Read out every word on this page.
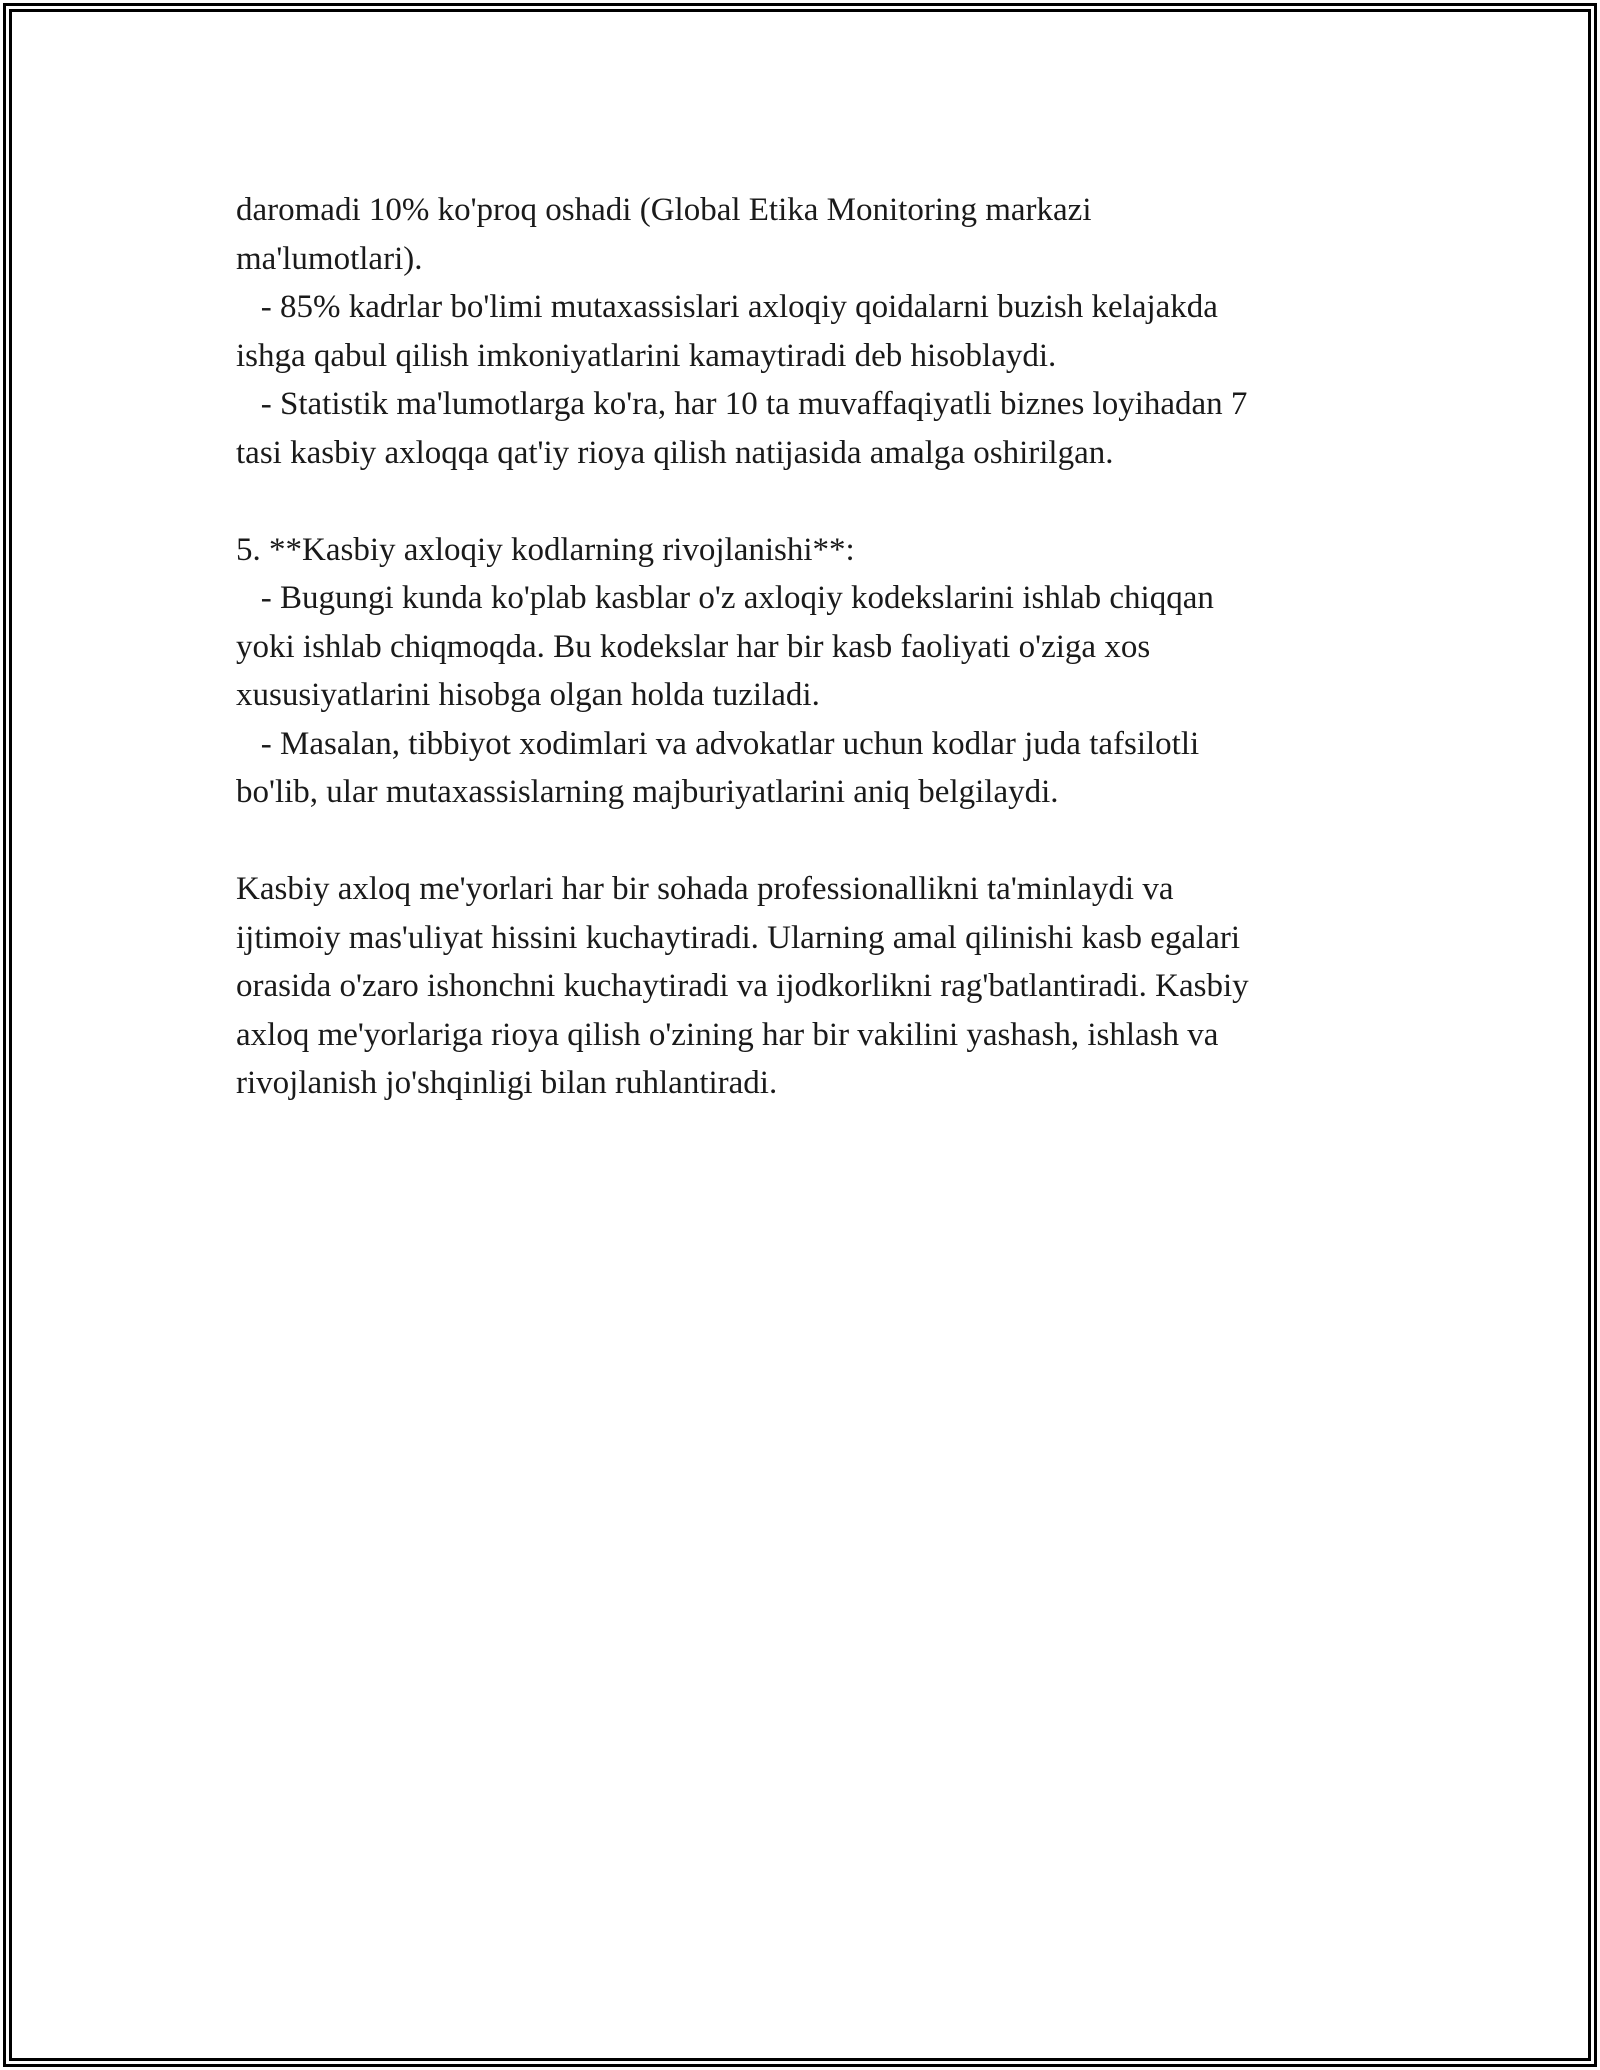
daromadi 10% ko'proq oshadi (Global Etika Monitoring markazi
ma'lumotlari).
- 85% kadrlar bo'limi mutaxassislari axloqiy qoidalarni buzish kelajakda
ishga qabul qilish imkoniyatlarini kamaytiradi deb hisoblaydi.
- Statistik ma'lumotlarga ko'ra, har 10 ta muvaffaqiyatli biznes loyihadan 7
tasi kasbiy axloqqa qat'iy rioya qilish natijasida amalga oshirilgan.
5. **Kasbiy axloqiy kodlarning rivojlanishi**:
- Bugungi kunda ko'plab kasblar o'z axloqiy kodekslarini ishlab chiqqan
yoki ishlab chiqmoqda. Bu kodekslar har bir kasb faoliyati o'ziga xos
xususiyatlarini hisobga olgan holda tuziladi.
- Masalan, tibbiyot xodimlari va advokatlar uchun kodlar juda tafsilotli
bo'lib, ular mutaxassislarning majburiyatlarini aniq belgilaydi.
Kasbiy axloq me'yorlari har bir sohada professionallikni ta'minlaydi va
ijtimoiy mas'uliyat hissini kuchaytiradi. Ularning amal qilinishi kasb egalari
orasida o'zaro ishonchni kuchaytiradi va ijodkorlikni rag'batlantiradi. Kasbiy
axloq me'yorlariga rioya qilish o'zining har bir vakilini yashash, ishlash va
rivojlanish jo'shqinligi bilan ruhlantiradi.
